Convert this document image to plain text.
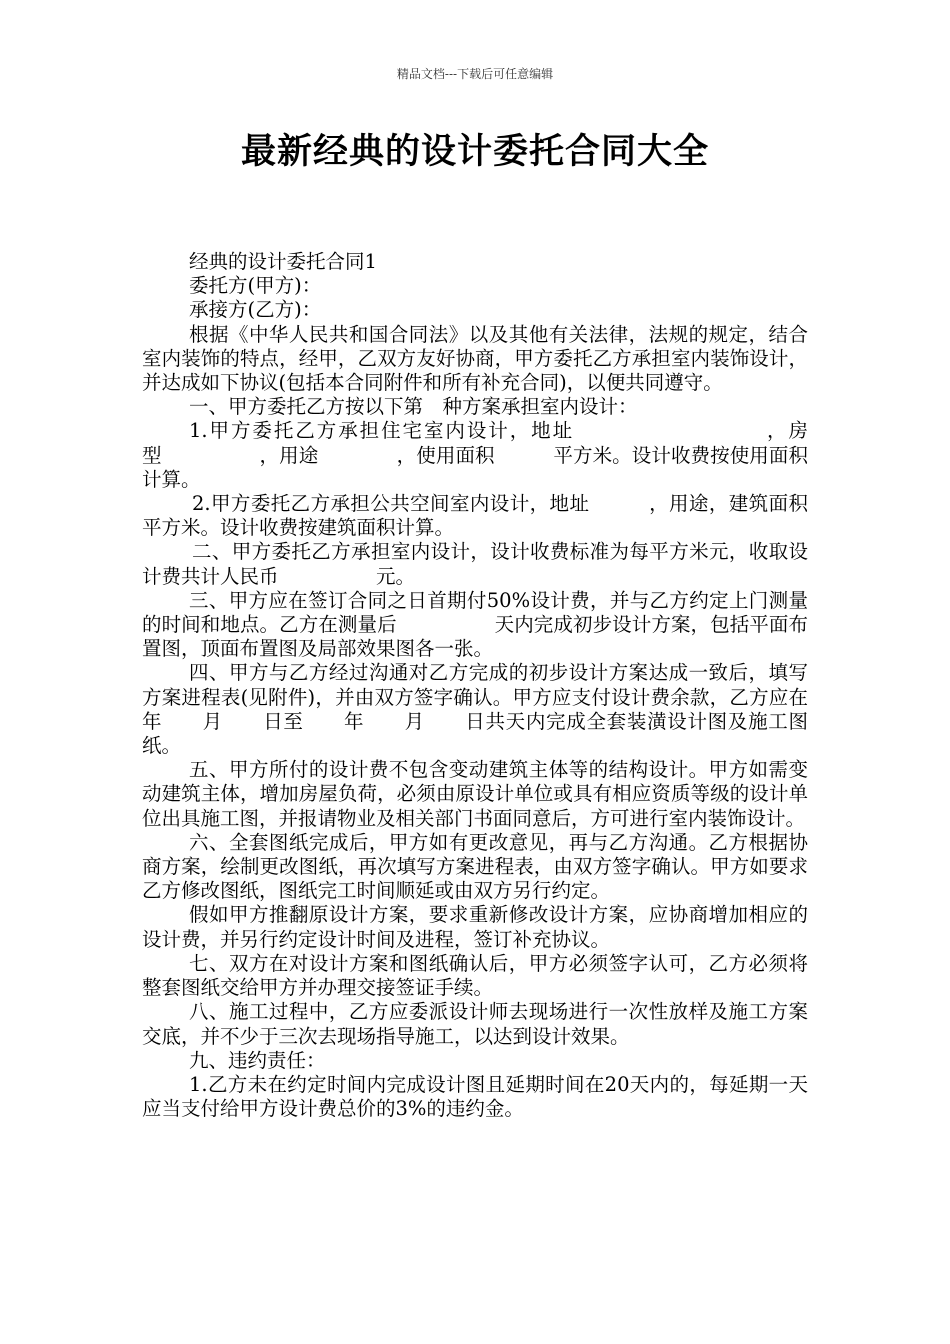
精品文档---下载后可任意编辑
最新经典的设计委托合同大全

经典的设计委托合同1

委托方(甲方)：

承接方(乙方)：

根据《中华人民共和国合同法》以及其他有关法律，法规的规定，结合室内装饰的特点，经甲，乙双方友好协商，甲方委托乙方承担室内装饰设计，并达成如下协议(包括本合同附件和所有补充合同)，以便共同遵守。

一、甲方委托乙方按以下第　种方案承担室内设计：

1.甲方委托乙方承担住宅室内设计，地址　　　　　　　　　，房型　　　　　，用途　　　　，使用面积　　　平方米。设计收费按使用面积计算。

2.甲方委托乙方承担公共空间室内设计，地址　　　，用途，建筑面积　　　平方米。设计收费按建筑面积计算。

二、甲方委托乙方承担室内设计，设计收费标准为每平方米元，收取设计费共计人民币　　　　　元。

三、甲方应在签订合同之日首期付50%设计费，并与乙方约定上门测量的时间和地点。乙方在测量后　　　　　天内完成初步设计方案，包括平面布置图，顶面布置图及局部效果图各一张。

四、甲方与乙方经过沟通对乙方完成的初步设计方案达成一致后，填写方案进程表(见附件)，并由双方签字确认。甲方应支付设计费余款，乙方应在　　年　　月　　日至　　年　　月　　日共天内完成全套装潢设计图及施工图纸。

五、甲方所付的设计费不包含变动建筑主体等的结构设计。甲方如需变动建筑主体，增加房屋负荷，必须由原设计单位或具有相应资质等级的设计单位出具施工图，并报请物业及相关部门书面同意后，方可进行室内装饰设计。

六、全套图纸完成后，甲方如有更改意见，再与乙方沟通。乙方根据协商方案，绘制更改图纸，再次填写方案进程表，由双方签字确认。甲方如要求乙方修改图纸，图纸完工时间顺延或由双方另行约定。

假如甲方推翻原设计方案，要求重新修改设计方案，应协商增加相应的设计费，并另行约定设计时间及进程，签订补充协议。

七、双方在对设计方案和图纸确认后，甲方必须签字认可，乙方必须将整套图纸交给甲方并办理交接签证手续。

八、施工过程中，乙方应委派设计师去现场进行一次性放样及施工方案交底，并不少于三次去现场指导施工，以达到设计效果。

九、违约责任：

1.乙方未在约定时间内完成设计图且延期时间在20天内的，每延期一天应当支付给甲方设计费总价的3%的违约金。
